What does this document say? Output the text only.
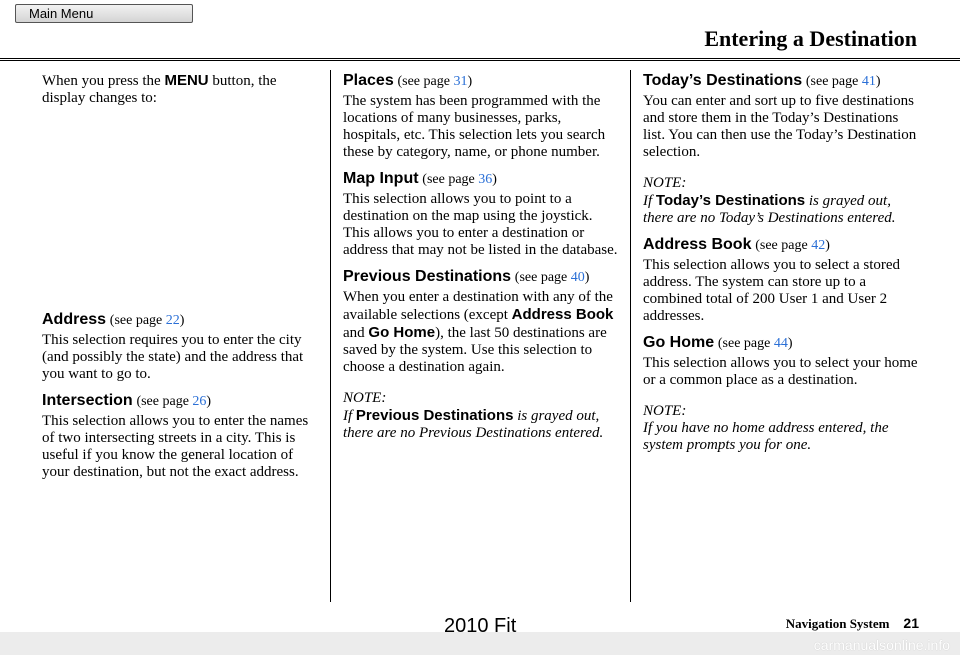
Main Menu
Entering a Destination

When you press the MENU button, the display changes to:

Address (see page 22)

This selection requires you to enter the city (and possibly the state) and the address that you want to go to.

Intersection (see page 26)

This selection allows you to enter the names of two intersecting streets in a city. This is useful if you know the general location of your destination, but not the exact address.

Places (see page 31)

The system has been programmed with the locations of many businesses, parks, hospitals, etc. This selection lets you search these by category, name, or phone number.

Map Input (see page 36)

This selection allows you to point to a destination on the map using the joystick. This allows you to enter a destination or address that may not be listed in the database.

Previous Destinations (see page 40)

When you enter a destination with any of the available selections (except Address Book and Go Home), the last 50 destinations are saved by the system. Use this selection to choose a destination again.

NOTE:

If Previous Destinations is grayed out, there are no Previous Destinations entered.

Today’s Destinations (see page 41)

You can enter and sort up to five destinations and store them in the Today’s Destinations list. You can then use the Today’s Destination selection.

NOTE:

If Today’s Destinations is grayed out, there are no Today’s Destinations entered.

Address Book (see page 42)

This selection allows you to select a stored address. The system can store up to a combined total of 200 User 1 and User 2 addresses.

Go Home (see page 44)

This selection allows you to select your home or a common place as a destination.

NOTE:

If you have no home address entered, the system prompts you for one.

2010 Fit
carmanualsonline.info
Navigation System 21
